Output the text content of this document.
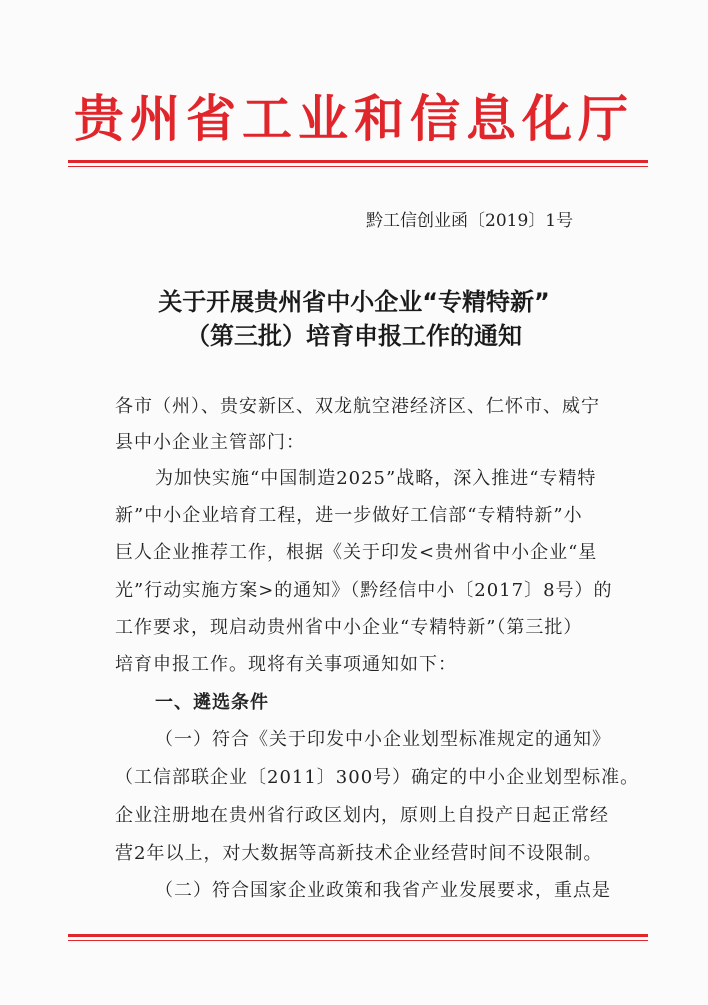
贵州省工业和信息化厅
黔工信创业函〔2019〕1号
关于开展贵州省中小企业“专精特新”
（第三批）培育申报工作的通知
各市（州）、贵安新区、双龙航空港经济区、仁怀市、威宁
县中小企业主管部门：
为加快实施“中国制造2025”战略，深入推进“专精特
新”中小企业培育工程，进一步做好工信部“专精特新”小
巨人企业推荐工作，根据《关于印发<贵州省中小企业“星
光”行动实施方案>的通知》（黔经信中小〔2017〕8号）的
工作要求，现启动贵州省中小企业“专精特新”（第三批）
培育申报工作。现将有关事项通知如下：
一、遴选条件
（一）符合《关于印发中小企业划型标准规定的通知》
（工信部联企业〔2011〕300号）确定的中小企业划型标准。
企业注册地在贵州省行政区划内，原则上自投产日起正常经
营2年以上，对大数据等高新技术企业经营时间不设限制。
（二）符合国家企业政策和我省产业发展要求，重点是
